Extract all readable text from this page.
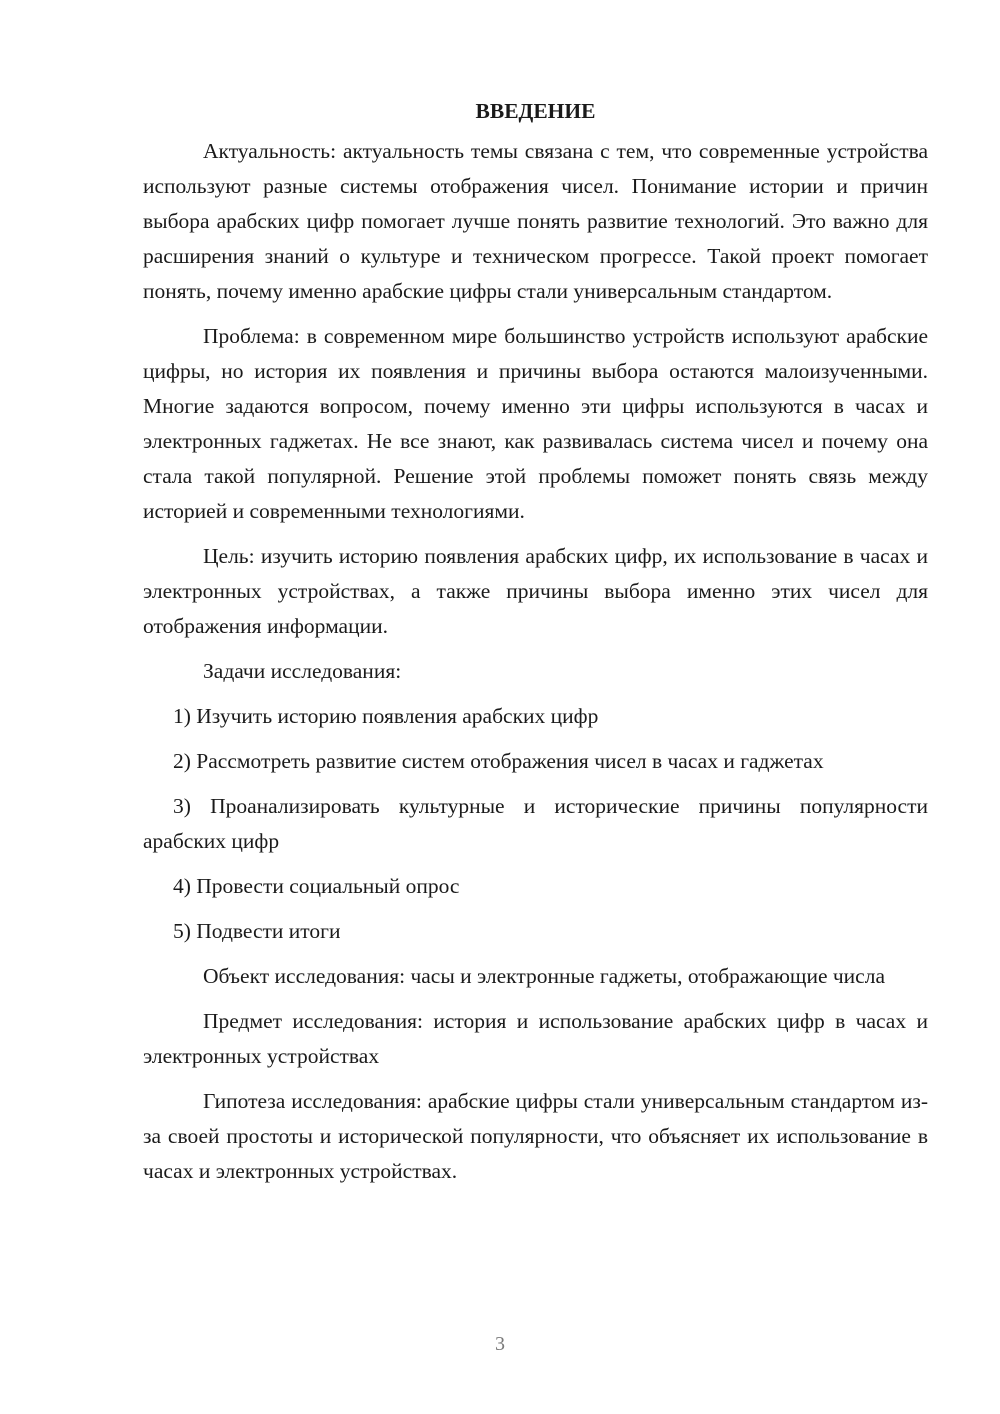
ВВЕДЕНИЕ

Актуальность: актуальность темы связана с тем, что современные устройства используют разные системы отображения чисел. Понимание истории и причин выбора арабских цифр помогает лучше понять развитие технологий. Это важно для расширения знаний о культуре и техническом прогрессе. Такой проект помогает понять, почему именно арабские цифры стали универсальным стандартом.

Проблема: в современном мире большинство устройств используют арабские цифры, но история их появления и причины выбора остаются малоизученными. Многие задаются вопросом, почему именно эти цифры используются в часах и электронных гаджетах. Не все знают, как развивалась система чисел и почему она стала такой популярной. Решение этой проблемы поможет понять связь между историей и современными технологиями.

Цель: изучить историю появления арабских цифр, их использование в часах и электронных устройствах, а также причины выбора именно этих чисел для отображения информации.

Задачи исследования:

1) Изучить историю появления арабских цифр

2) Рассмотреть развитие систем отображения чисел в часах и гаджетах

3) Проанализировать культурные и исторические причины популярности арабских цифр

4) Провести социальный опрос

5) Подвести итоги

Объект исследования: часы и электронные гаджеты, отображающие числа

Предмет исследования: история и использование арабских цифр в часах и электронных устройствах

Гипотеза исследования: арабские цифры стали универсальным стандартом из-за своей простоты и исторической популярности, что объясняет их использование в часах и электронных устройствах.

3
